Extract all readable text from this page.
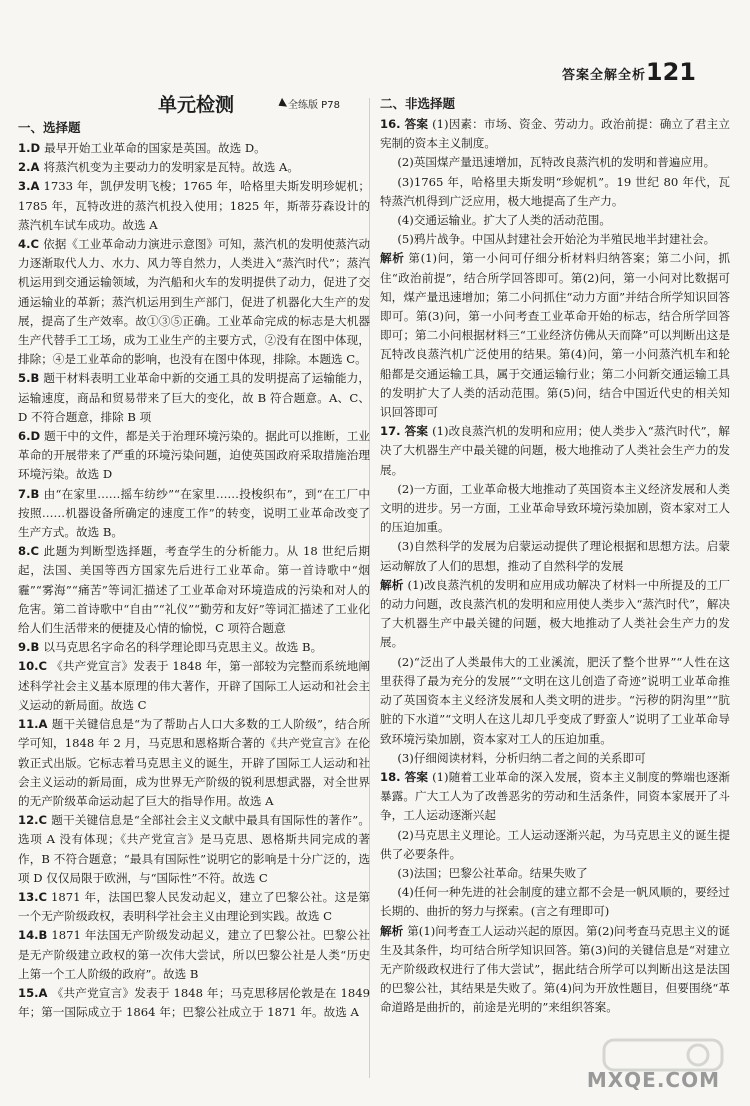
答案全解全析 121
单元检测	全练版 P78
一、选择题

1.D 最早开始工业革命的国家是英国。故选 D。

2.A 将蒸汽机变为主要动力的发明家是瓦特。故选 A。

3.A 1733 年，凯伊发明飞梭；1765 年，哈格里夫斯发明珍妮机；1785 年，瓦特改进的蒸汽机投入使用；1825 年，斯蒂芬森设计的蒸汽机车试车成功。故选 A

4.C 依据《工业革命动力演进示意图》可知，蒸汽机的发明使蒸汽动力逐渐取代人力、水力、风力等自然力，人类进入“蒸汽时代”；蒸汽机运用到交通运输领域，为汽船和火车的发明提供了动力，促进了交通运输业的革新；蒸汽机运用到生产部门，促进了机器化大生产的发展，提高了生产效率。故①③⑤正确。工业革命完成的标志是大机器生产代替手工工场，成为工业生产的主要方式，②没有在图中体现，排除；④是工业革命的影响，也没有在图中体现，排除。本题选 C。

5.B 题干材料表明工业革命中新的交通工具的发明提高了运输能力，运输速度，商品和贸易带来了巨大的变化，故 B 符合题意。A、C、D 不符合题意，排除 B 项

6.D 题干中的文件，都是关于治理环境污染的。据此可以推断，工业革命的开展带来了严重的环境污染问题，迫使英国政府采取措施治理环境污染。故选 D

7.B 由“在家里……摇车纺纱”“在家里……投梭织布”，到“在工厂中按照……机器设备所确定的速度工作”的转变，说明工业革命改变了生产方式。故选 B。

8.C 此题为判断型选择题，考查学生的分析能力。从 18 世纪后期起，法国、美国等西方国家先后进行工业革命。第一首诗歌中“烟霾”“雾海”“痛苦”等词汇描述了工业革命对环境造成的污染和对人的危害。第二首诗歌中“自由”“礼仪”“勤劳和友好”等词汇描述了工业化给人们生活带来的便捷及心情的愉悦，C 项符合题意

9.B 以马克思名字命名的科学理论即马克思主义。故选 B。

10.C 《共产党宣言》发表于 1848 年，第一部较为完整而系统地阐述科学社会主义基本原理的伟大著作，开辟了国际工人运动和社会主义运动的新局面。故选 C

11.A 题干关键信息是“为了帮助占人口大多数的工人阶级”，结合所学可知，1848 年 2 月，马克思和恩格斯合著的《共产党宣言》在伦敦正式出版。它标志着马克思主义的诞生，开辟了国际工人运动和社会主义运动的新局面，成为世界无产阶级的锐利思想武器，对全世界的无产阶级革命运动起了巨大的指导作用。故选 A

12.C 题干关键信息是“全部社会主义文献中最具有国际性的著作”。选项 A 没有体现；《共产党宣言》是马克思、恩格斯共同完成的著作，B 不符合题意；“最具有国际性”说明它的影响是十分广泛的，选项 D 仅仅局限于欧洲，与“国际性”不符。故选 C

13.C 1871 年，法国巴黎人民发动起义，建立了巴黎公社。这是第一个无产阶级政权，表明科学社会主义由理论到实践。故选 C

14.B 1871 年法国无产阶级发动起义，建立了巴黎公社。巴黎公社是无产阶级建立政权的第一次伟大尝试，所以巴黎公社是人类“历史上第一个工人阶级的政府”。故选 B

15.A 《共产党宣言》发表于 1848 年；马克思移居伦敦是在 1849 年；第一国际成立于 1864 年；巴黎公社成立于 1871 年。故选 A

二、非选择题

16. 答案 (1)因素：市场、资金、劳动力。政治前提：确立了君主立宪制的资本主义制度。

(2)英国煤产量迅速增加，瓦特改良蒸汽机的发明和普遍应用。

(3)1765 年，哈格里夫斯发明“珍妮机”。19 世纪 80 年代，瓦特蒸汽机得到广泛应用，极大地提高了生产力。

(4)交通运输业。扩大了人类的活动范围。

(5)鸦片战争。中国从封建社会开始沦为半殖民地半封建社会。

解析 第(1)问，第一小问可仔细分析材料归纳答案；第二小问，抓住“政治前提”，结合所学回答即可。第(2)问，第一小问对比数据可知，煤产量迅速增加；第二小问抓住“动力方面”并结合所学知识回答即可。第(3)问，第一小问考查工业革命开始的标志，结合所学回答即可；第二小问根据材料三“工业经济仿佛从天而降”可以判断出这是瓦特改良蒸汽机广泛使用的结果。第(4)问，第一小问蒸汽机车和轮船都是交通运输工具，属于交通运输行业；第二小问新交通运输工具的发明扩大了人类的活动范围。第(5)问，结合中国近代史的相关知识回答即可

17. 答案 (1)改良蒸汽机的发明和应用；使人类步入“蒸汽时代”，解决了大机器生产中最关键的问题，极大地推动了人类社会生产力的发展。

(2)一方面，工业革命极大地推动了英国资本主义经济发展和人类文明的进步。另一方面，工业革命导致环境污染加剧，资本家对工人的压迫加重。

(3)自然科学的发展为启蒙运动提供了理论根据和思想方法。启蒙运动解放了人们的思想，推动了自然科学的发展

解析 (1)改良蒸汽机的发明和应用成功解决了材料一中所提及的工厂的动力问题，改良蒸汽机的发明和应用使人类步入“蒸汽时代”，解决了大机器生产中最关键的问题，极大地推动了人类社会生产力的发展。

(2)“泛出了人类最伟大的工业溪流，肥沃了整个世界”“人性在这里获得了最为充分的发展”“文明在这儿创造了奇迹”说明工业革命推动了英国资本主义经济发展和人类文明的进步。“污秽的阴沟里”“肮脏的下水道”“文明人在这儿却几乎变成了野蛮人”说明了工业革命导致环境污染加剧，资本家对工人的压迫加重。

(3)仔细阅读材料，分析归纳二者之间的关系即可

18. 答案 (1)随着工业革命的深入发展，资本主义制度的弊端也逐渐暴露。广大工人为了改善恶劣的劳动和生活条件，同资本家展开了斗争，工人运动逐渐兴起

(2)马克思主义理论。工人运动逐渐兴起，为马克思主义的诞生提供了必要条件。

(3)法国；巴黎公社革命。结果失败了

(4)任何一种先进的社会制度的建立都不会是一帆风顺的，要经过长期的、曲折的努力与探索。(言之有理即可)

解析 第(1)问考查工人运动兴起的原因。第(2)问考查马克思主义的诞生及其条件，均可结合所学知识回答。第(3)问的关键信息是“对建立无产阶级政权进行了伟大尝试”，据此结合所学可以判断出这是法国的巴黎公社，其结果是失败了。第(4)问为开放性题目，但要围绕“革命道路是曲折的，前途是光明的”来组织答案。

MXQE.COM
